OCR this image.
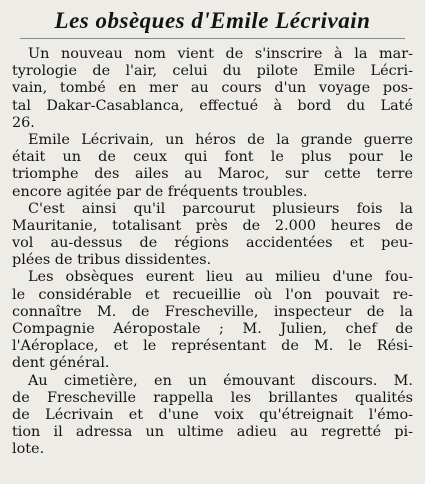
Les obsèques d'Emile Lécrivain
Un nouveau nom vient de s'inscrire à la mar-
tyrologie de l'air, celui du pilote Emile Lécri-
vain, tombé en mer au cours d'un voyage pos-
tal Dakar-Casablanca, effectué à bord du Laté
26.
Emile Lécrivain, un héros de la grande guerre
était un de ceux qui font le plus pour le
triomphe des ailes au Maroc, sur cette terre
encore agitée par de fréquents troubles.
C'est ainsi qu'il parcourut plusieurs fois la
Mauritanie, totalisant près de 2.000 heures de
vol au-dessus de régions accidentées et peu-
plées de tribus dissidentes.
Les obsèques eurent lieu au milieu d'une fou-
le considérable et recueillie où l'on pouvait re-
connaître M. de Frescheville, inspecteur de la
Compagnie Aéropostale ; M. Julien, chef de
l'Aéroplace, et le représentant de M. le Rési-
dent général.
Au cimetière, en un émouvant discours. M.
de Frescheville rappella les brillantes qualités
de Lécrivain et d'une voix qu'étreignait l'émo-
tion il adressa un ultime adieu au regretté pi-
lote.
